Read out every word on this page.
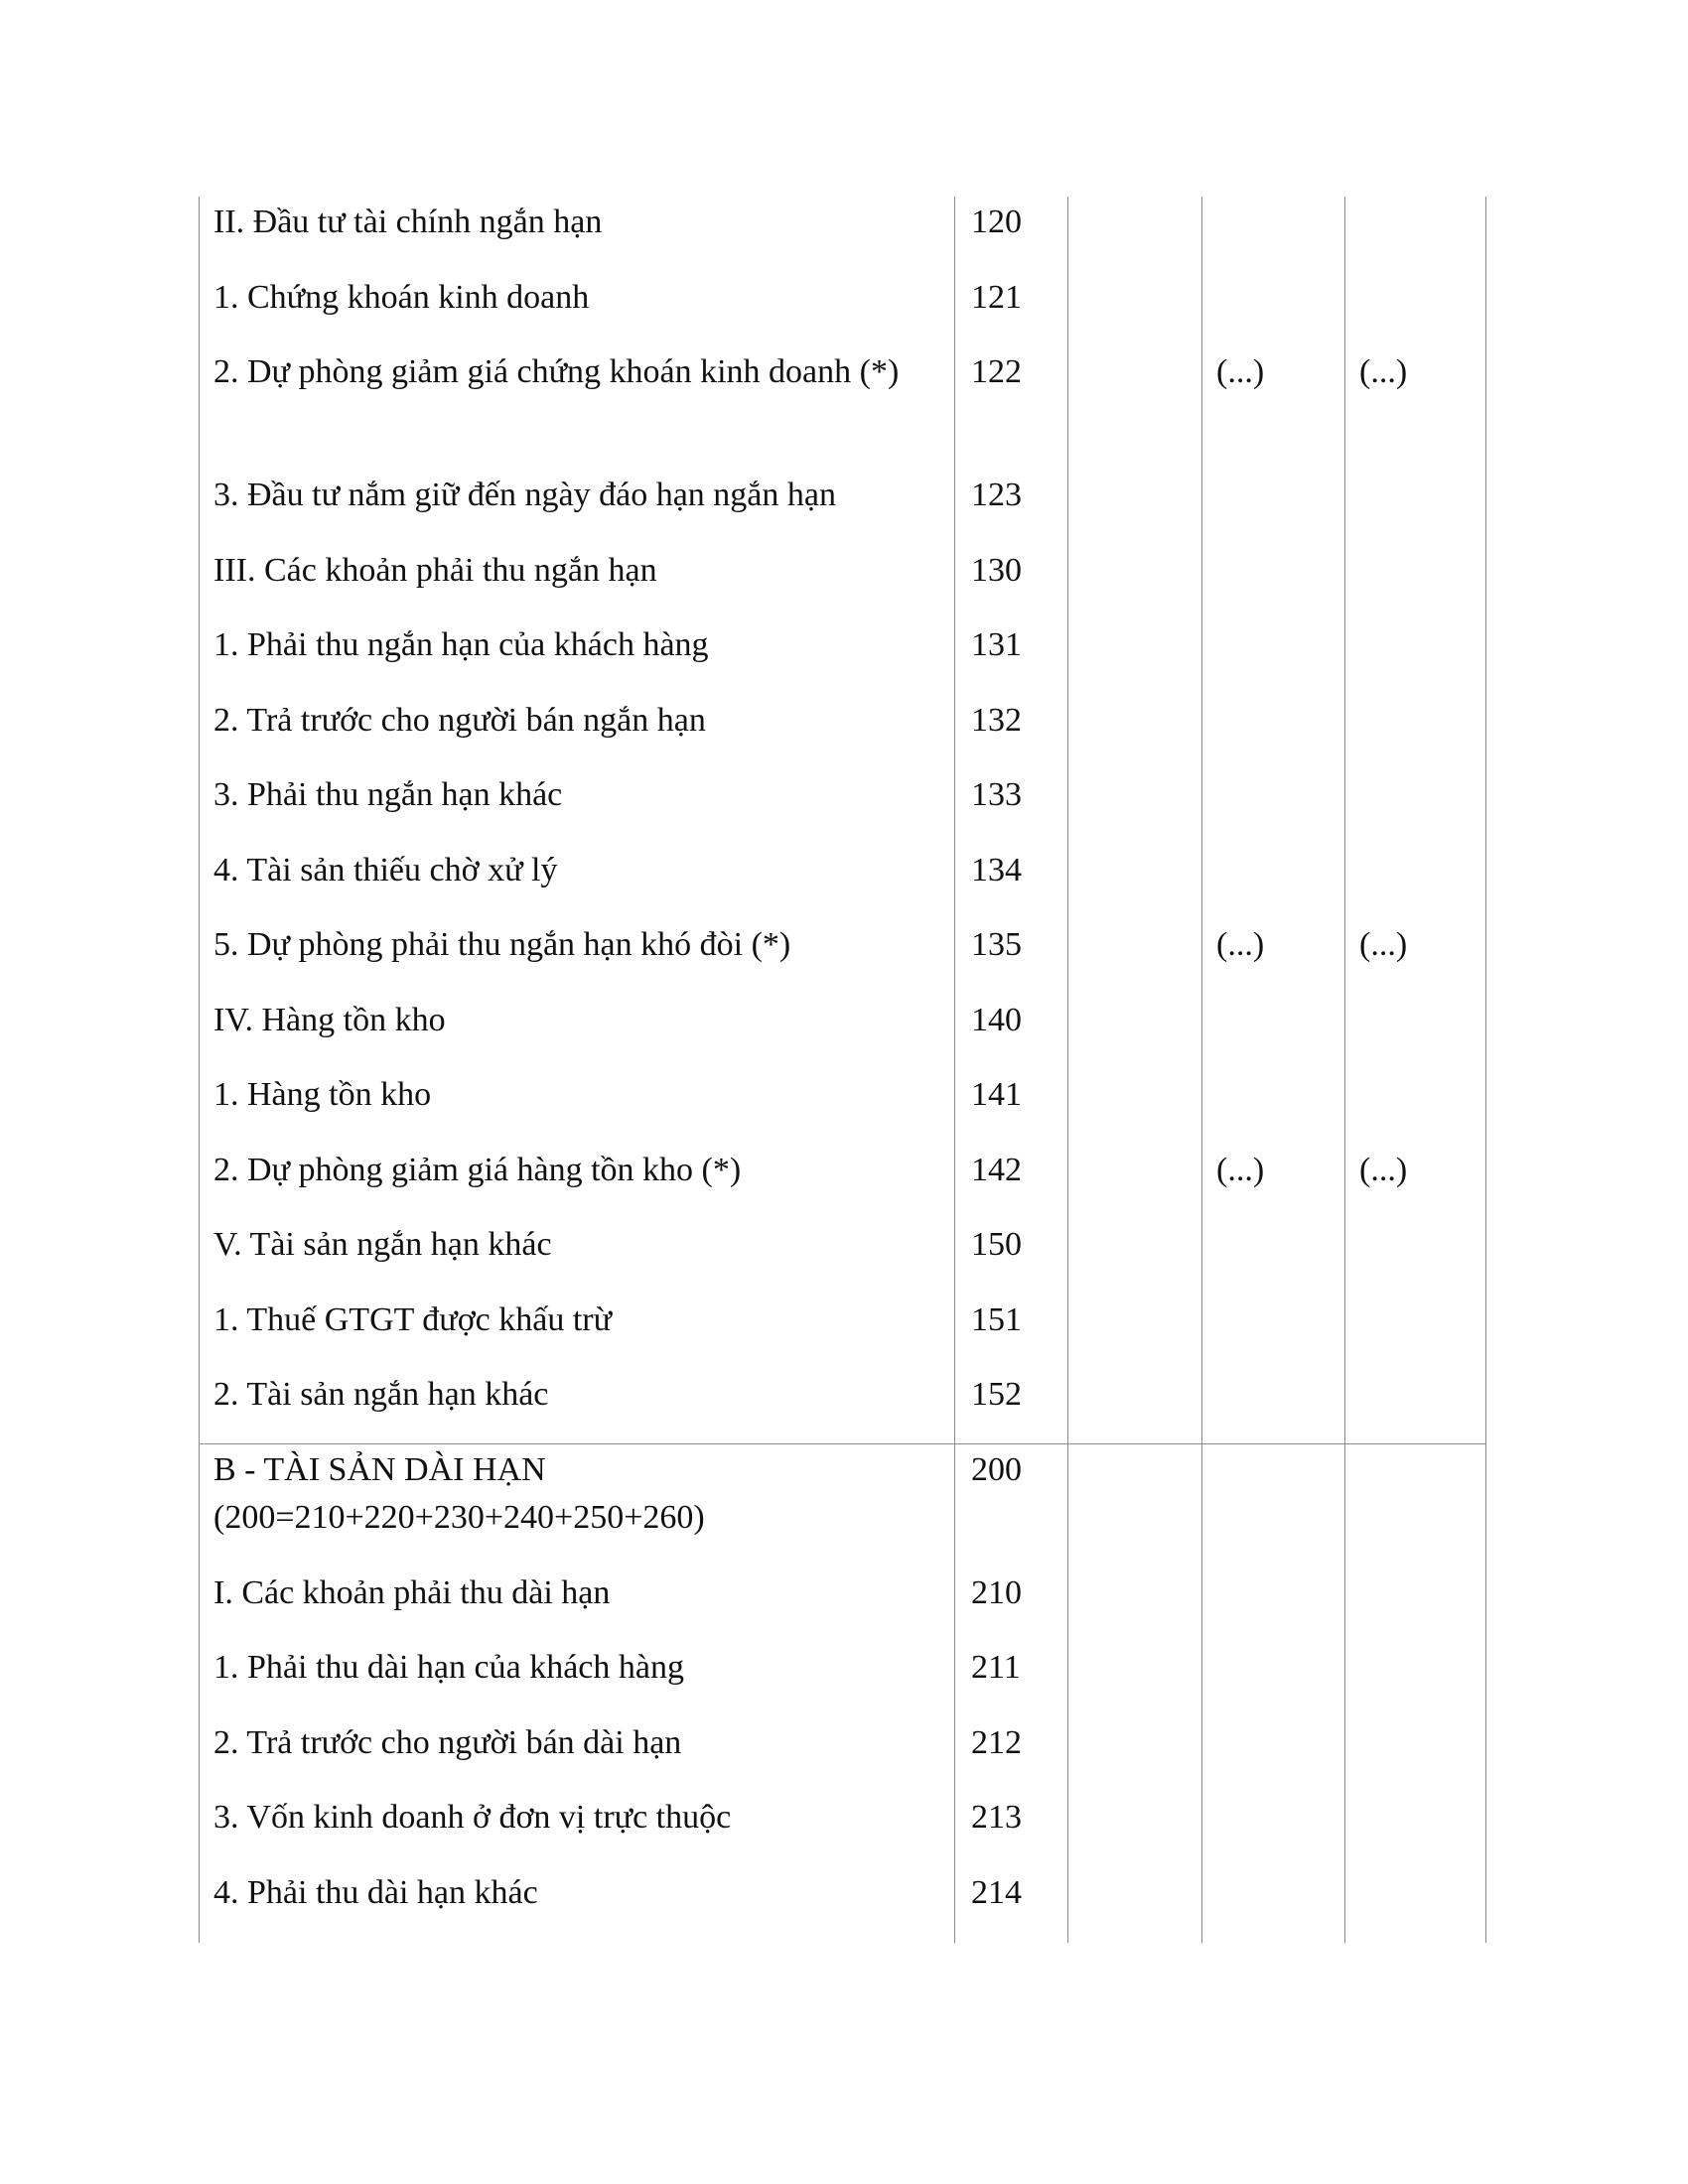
II. Đầu tư tài chính ngắn hạn	120			
1. Chứng khoán kinh doanh	121			
2. Dự phòng giảm giá chứng khoán kinh doanh (*)	122		(...)	(...)
3. Đầu tư nắm giữ đến ngày đáo hạn ngắn hạn	123			
III. Các khoản phải thu ngắn hạn	130			
1. Phải thu ngắn hạn của khách hàng	131			
2. Trả trước cho người bán ngắn hạn	132			
3. Phải thu ngắn hạn khác	133			
4. Tài sản thiếu chờ xử lý	134			
5. Dự phòng phải thu ngắn hạn khó đòi (*)	135		(...)	(...)
IV. Hàng tồn kho	140			
1. Hàng tồn kho	141			
2. Dự phòng giảm giá hàng tồn kho (*)	142		(...)	(...)
V. Tài sản ngắn hạn khác	150			
1. Thuế GTGT được khấu trừ	151			
2. Tài sản ngắn hạn khác	152			
B - TÀI SẢN DÀI HẠN (200=210+220+230+240+250+260)	200			
I. Các khoản phải thu dài hạn	210			
1. Phải thu dài hạn của khách hàng	211			
2. Trả trước cho người bán dài hạn	212			
3. Vốn kinh doanh ở đơn vị trực thuộc	213			
4. Phải thu dài hạn khác	214			
